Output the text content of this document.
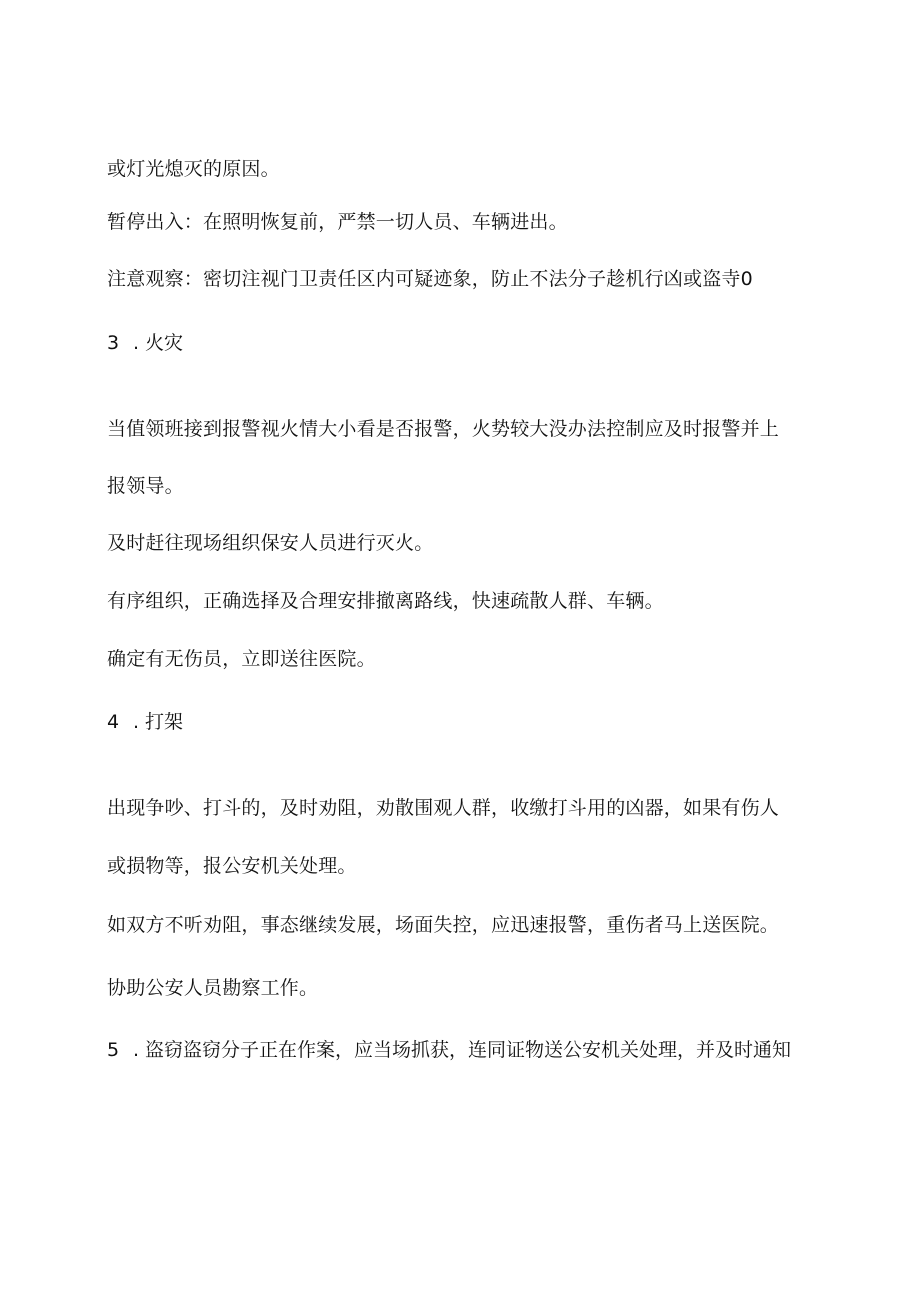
或灯光熄灭的原因。
暂停出入：在照明恢复前，严禁一切人员、车辆进出。
注意观察：密切注视门卫责任区内可疑迹象，防止不法分子趁机行凶或盗寺0
3 . 火灾
当值领班接到报警视火情大小看是否报警，火势较大没办法控制应及时报警并上
报领导。
及时赶往现场组织保安人员进行灭火。
有序组织，正确选择及合理安排撤离路线，快速疏散人群、车辆。
确定有无伤员，立即送往医院。
4 . 打架
出现争吵、打斗的，及时劝阻，劝散围观人群，收缴打斗用的凶器，如果有伤人
或损物等，报公安机关处理。
如双方不听劝阻，事态继续发展，场面失控，应迅速报警，重伤者马上送医院。
协助公安人员勘察工作。
5 . 盗窃盗窃分子正在作案，应当场抓获，连同证物送公安机关处理，并及时通知
